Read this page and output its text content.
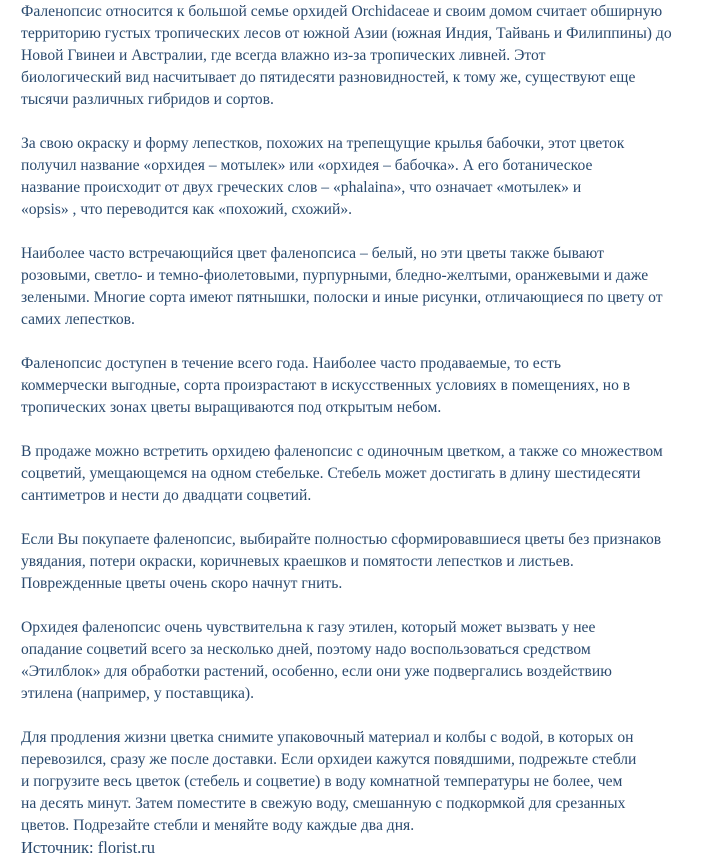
Фаленопсис относится к большой семье орхидей Orchidaceae и своим домом считает обширную
территорию густых тропических лесов от южной Азии (южная Индия, Тайвань и Филиппины) до
Новой Гвинеи и Австралии, где всегда влажно из-за тропических ливней. Этот
биологический вид насчитывает до пятидесяти разновидностей, к тому же, существуют еще
тысячи различных гибридов и сортов.

За свою окраску и форму лепестков, похожих на трепещущие крылья бабочки, этот цветок
получил название «орхидея – мотылек» или «орхидея – бабочка». А его ботаническое
название происходит от двух греческих слов – «phalaina», что означает «мотылек» и
«opsis» , что переводится как «похожий, схожий».

Наиболее часто встречающийся цвет фаленопсиса – белый, но эти цветы также бывают
розовыми, светло- и темно-фиолетовыми, пурпурными, бледно-желтыми, оранжевыми и даже
зелеными. Многие сорта имеют пятнышки, полоски и иные рисунки, отличающиеся по цвету от
самих лепестков.

Фаленопсис доступен в течение всего года. Наиболее часто продаваемые, то есть
коммерчески выгодные, сорта произрастают в искусственных условиях в помещениях, но в
тропических зонах цветы выращиваются под открытым небом.

В продаже можно встретить орхидею фаленопсис с одиночным цветком, а также со множеством
соцветий, умещающемся на одном стебельке. Стебель может достигать в длину шестидесяти
сантиметров и нести до двадцати соцветий.

Если Вы покупаете фаленопсис, выбирайте полностью сформировавшиеся цветы без признаков
увядания, потери окраски, коричневых краешков и помятости лепестков и листьев.
Поврежденные цветы очень скоро начнут гнить.

Орхидея фаленопсис очень чувствительна к газу этилен, который может вызвать у нее
опадание соцветий всего за несколько дней, поэтому надо воспользоваться средством
«Этилблок» для обработки растений, особенно, если они уже подвергались воздействию
этилена (например, у поставщика).

Для продления жизни цветка снимите упаковочный материал и колбы с водой, в которых он
перевозился, сразу же после доставки. Если орхидеи кажутся повядшими, подрежьте стебли
и погрузите весь цветок (стебель и соцветие) в воду комнатной температуры не более, чем
на десять минут. Затем поместите в свежую воду, смешанную с подкормкой для срезанных
цветов. Подрезайте стебли и меняйте воду каждые два дня.

Источник: florist.ru
